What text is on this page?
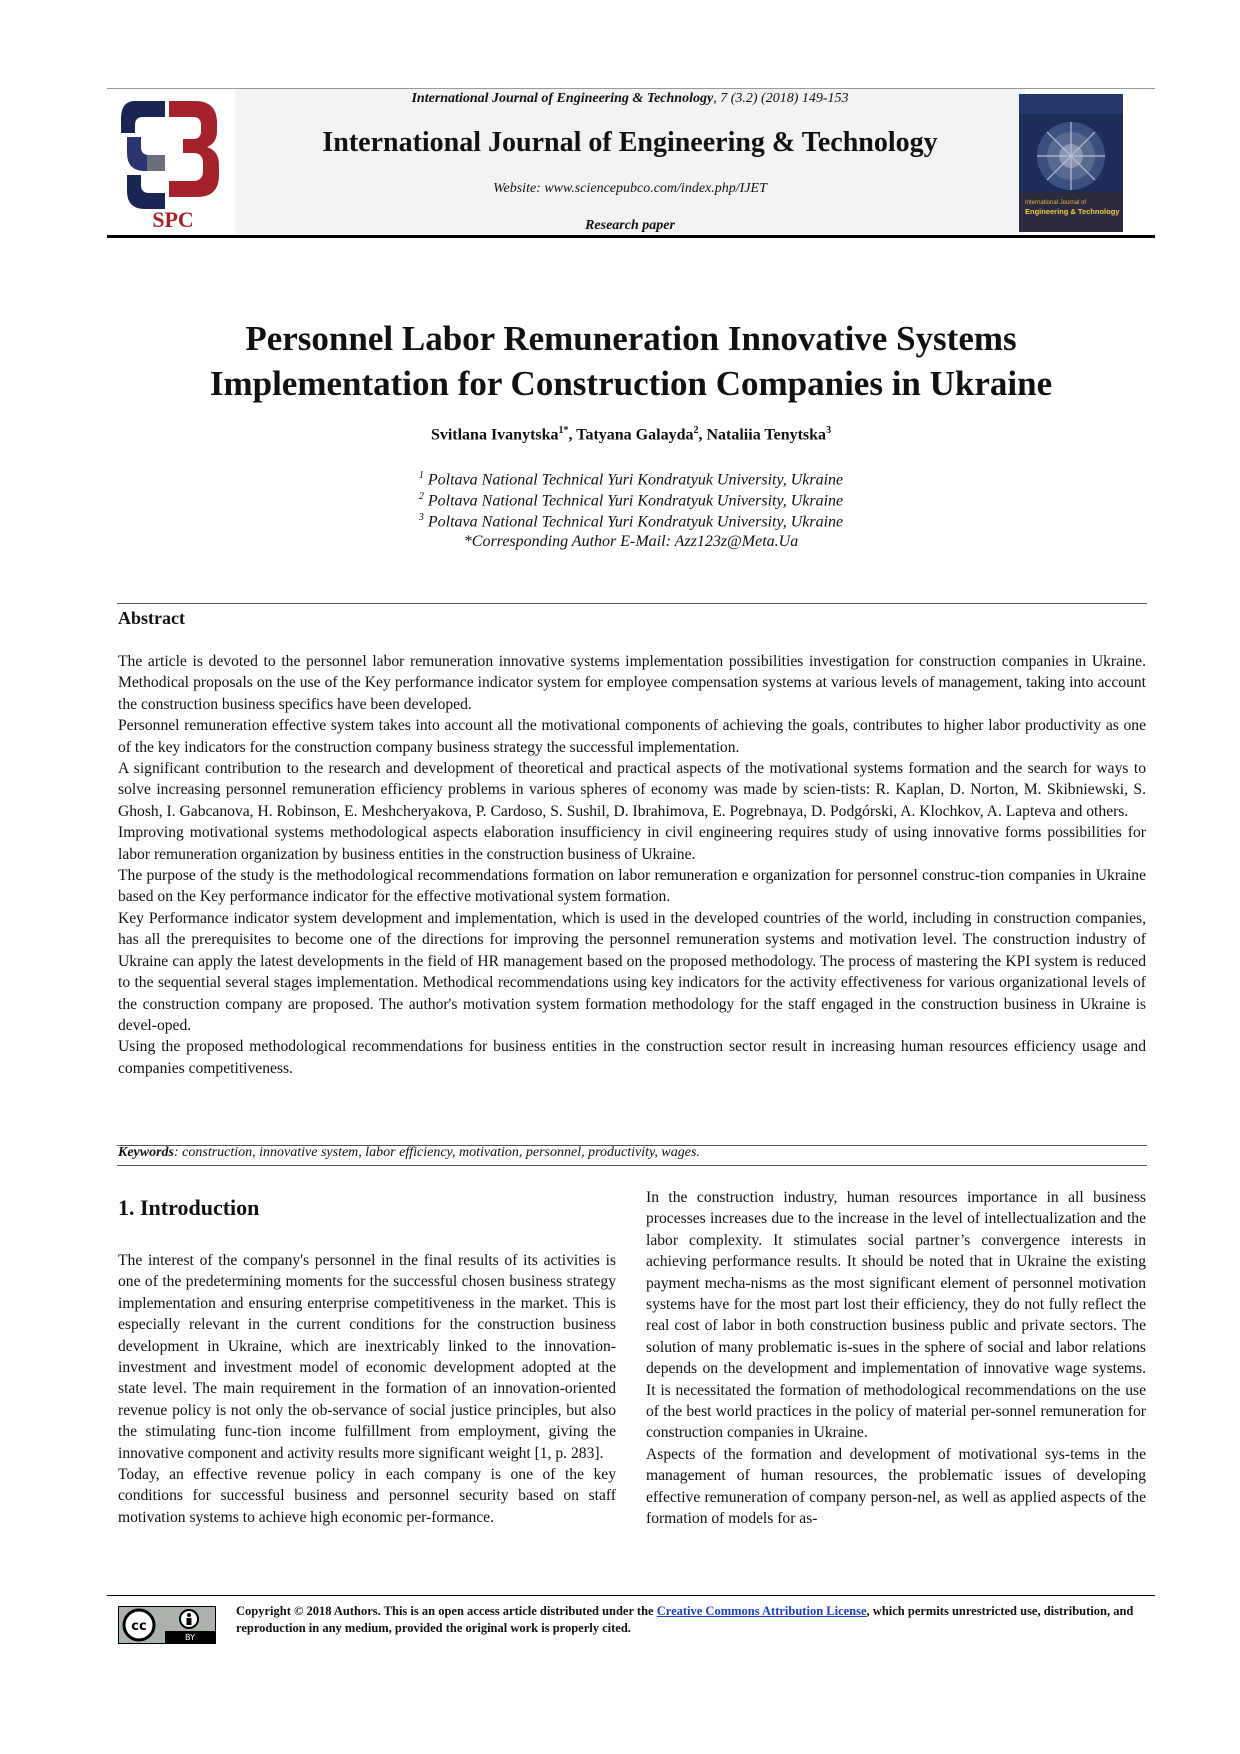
SPC
International Journal of Engineering & Technology, 7 (3.2) (2018) 149-153
International Journal of Engineering & Technology
Website: www.sciencepubco.com/index.php/IJET
Research paper
International Journal of
Engineering & Technology
Personnel Labor Remuneration Innovative Systems
Implementation for Construction Companies in Ukraine
Svitlana Ivanytska$^{1*}$, Tatyana Galayda$^2$, Nataliia Tenytska$^3$
$^1$ Poltava National Technical Yuri Kondratyuk University, Ukraine
$^2$ Poltava National Technical Yuri Kondratyuk University, Ukraine
$^3$ Poltava National Technical Yuri Kondratyuk University, Ukraine
*Corresponding Author E-Mail: Azz123z@Meta.Ua
Abstract

The article is devoted to the personnel labor remuneration innovative systems implementation possibilities investigation for construction companies in Ukraine. Methodical proposals on the use of the Key performance indicator system for employee compensation systems at various levels of management, taking into account the construction business specifics have been developed.

Personnel remuneration effective system takes into account all the motivational components of achieving the goals, contributes to higher labor productivity as one of the key indicators for the construction company business strategy the successful implementation.

A significant contribution to the research and development of theoretical and practical aspects of the motivational systems formation and the search for ways to solve increasing personnel remuneration efficiency problems in various spheres of economy was made by scien-tists: R. Kaplan, D. Norton, M. Skibniewski, S. Ghosh, I. Gabcanova, H. Robinson, E. Meshcheryakova, P. Cardoso, S. Sushil, D. Ibrahimova, E. Pogrebnaya, D. Podgórski, A. Klochkov, A. Lapteva and others.

Improving motivational systems methodological aspects elaboration insufficiency in civil engineering requires study of using innovative forms possibilities for labor remuneration organization by business entities in the construction business of Ukraine.

The purpose of the study is the methodological recommendations formation on labor remuneration e organization for personnel construc-tion companies in Ukraine based on the Key performance indicator for the effective motivational system formation.

Key Performance indicator system development and implementation, which is used in the developed countries of the world, including in construction companies, has all the prerequisites to become one of the directions for improving the personnel remuneration systems and motivation level. The construction industry of Ukraine can apply the latest developments in the field of HR management based on the proposed methodology. The process of mastering the KPI system is reduced to the sequential several stages implementation. Methodical recommendations using key indicators for the activity effectiveness for various organizational levels of the construction company are proposed. The author's motivation system formation methodology for the staff engaged in the construction business in Ukraine is devel-oped.

Using the proposed methodological recommendations for business entities in the construction sector result in increasing human resources efficiency usage and companies competitiveness.

Keywords: construction, innovative system, labor efficiency, motivation, personnel, productivity, wages.
1. Introduction

The interest of the company's personnel in the final results of its activities is one of the predetermining moments for the successful chosen business strategy implementation and ensuring enterprise competitiveness in the market. This is especially relevant in the current conditions for the construction business development in Ukraine, which are inextricably linked to the innovation-investment and investment model of economic development adopted at the state level. The main requirement in the formation of an innovation-oriented revenue policy is not only the ob-servance of social justice principles, but also the stimulating func-tion income fulfillment from employment, giving the innovative component and activity results more significant weight [1, p. 283].

Today, an effective revenue policy in each company is one of the key conditions for successful business and personnel security based on staff motivation systems to achieve high economic per-formance.

In the construction industry, human resources importance in all business processes increases due to the increase in the level of intellectualization and the labor complexity. It stimulates social partner’s convergence interests in achieving performance results. It should be noted that in Ukraine the existing payment mecha-nisms as the most significant element of personnel motivation systems have for the most part lost their efficiency, they do not fully reflect the real cost of labor in both construction business public and private sectors. The solution of many problematic is-sues in the sphere of social and labor relations depends on the development and implementation of innovative wage systems. It is necessitated the formation of methodological recommendations on the use of the best world practices in the policy of material per-sonnel remuneration for construction companies in Ukraine.

Aspects of the formation and development of motivational sys-tems in the management of human resources, the problematic issues of developing effective remuneration of company person-nel, as well as applied aspects of the formation of models for as-

cc
BY
Copyright © 2018 Authors. This is an open access article distributed under the Creative Commons Attribution License, which permits unrestricted use, distribution, and reproduction in any medium, provided the original work is properly cited.
